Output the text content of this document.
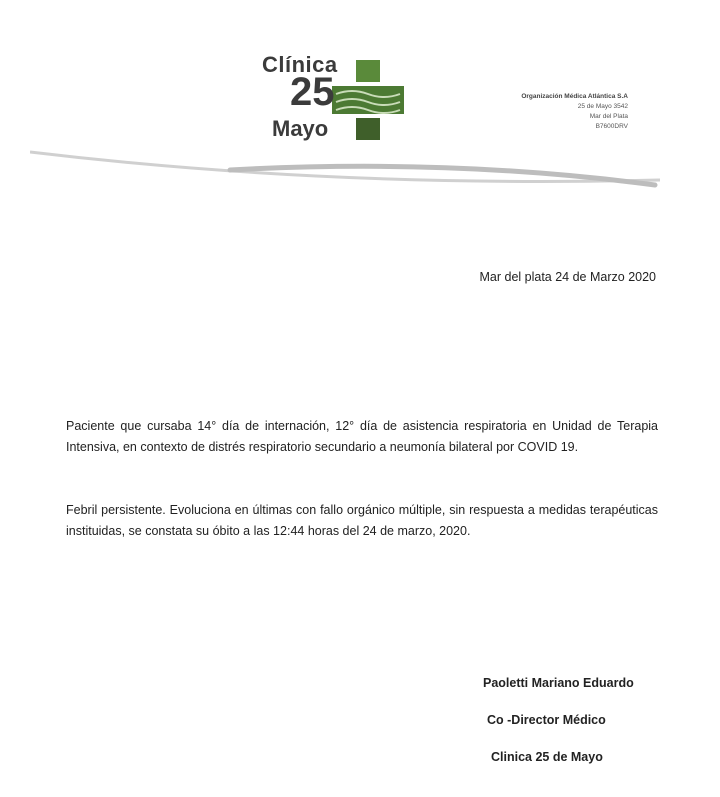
Clínica
25
Mayo
Organización Médica Atlántica S.A
25 de Mayo 3542
Mar del Plata
B7600DRV
Mar del plata 24 de Marzo 2020
Paciente que cursaba 14° día de internación, 12° día de asistencia respiratoria en Unidad de Terapia Intensiva, en contexto de distrés respiratorio secundario a neumonía bilateral por COVID 19.
Febril persistente. Evoluciona en últimas con fallo orgánico múltiple, sin respuesta a medidas terapéuticas instituidas, se constata su óbito a las 12:44 horas del 24 de marzo, 2020.
Paoletti Mariano Eduardo
Co -Director Médico
Clinica 25 de Mayo
